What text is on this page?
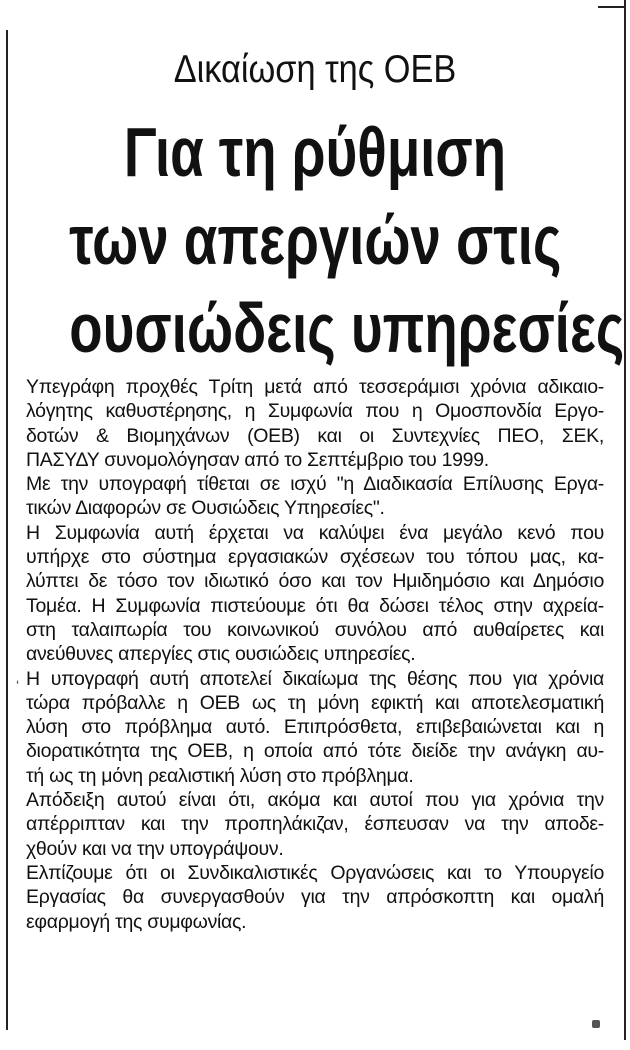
Δικαίωση της ΟΕΒ
Για τη ρύθμιση
των απεργιών στις
ουσιώδεις υπηρεσίες
‘
Υπεγράφη προχθές Τρίτη μετά από τεσσεράμισι χρόνια αδικαιο-
λόγητης καθυστέρησης, η Συμφωνία που η Ομοσπονδία Εργο-
δοτών & Βιομηχάνων (ΟΕΒ) και οι Συντεχνίες ΠΕΟ, ΣΕΚ,
ΠΑΣΥΔΥ συνομολόγησαν από το Σεπτέμβριο του 1999.
Με την υπογραφή τίθεται σε ισχύ "η Διαδικασία Επίλυσης Εργα-
τικών Διαφορών σε Ουσιώδεις Υπηρεσίες".
Η Συμφωνία αυτή έρχεται να καλύψει ένα μεγάλο κενό που
υπήρχε στο σύστημα εργασιακών σχέσεων του τόπου μας, κα-
λύπτει δε τόσο τον ιδιωτικό όσο και τον Ημιδημόσιο και Δημόσιο
Τομέα. Η Συμφωνία πιστεύουμε ότι θα δώσει τέλος στην αχρεία-
στη ταλαιπωρία του κοινωνικού συνόλου από αυθαίρετες και
ανεύθυνες απεργίες στις ουσιώδεις υπηρεσίες.
Η υπογραφή αυτή αποτελεί δικαίωμα της θέσης που για χρόνια
τώρα πρόβαλλε η ΟΕΒ ως τη μόνη εφικτή και αποτελεσματική
λύση στο πρόβλημα αυτό. Επιπρόσθετα, επιβεβαιώνεται και η
διορατικότητα της ΟΕΒ, η οποία από τότε διείδε την ανάγκη αυ-
τή ως τη μόνη ρεαλιστική λύση στο πρόβλημα.
Απόδειξη αυτού είναι ότι, ακόμα και αυτοί που για χρόνια την
απέρριπταν και την προπηλάκιζαν, έσπευσαν να την αποδε-
χθούν και να την υπογράψουν.
Ελπίζουμε ότι οι Συνδικαλιστικές Οργανώσεις και το Υπουργείο
Εργασίας θα συνεργασθούν για την απρόσκοπτη και ομαλή
εφαρμογή της συμφωνίας.
